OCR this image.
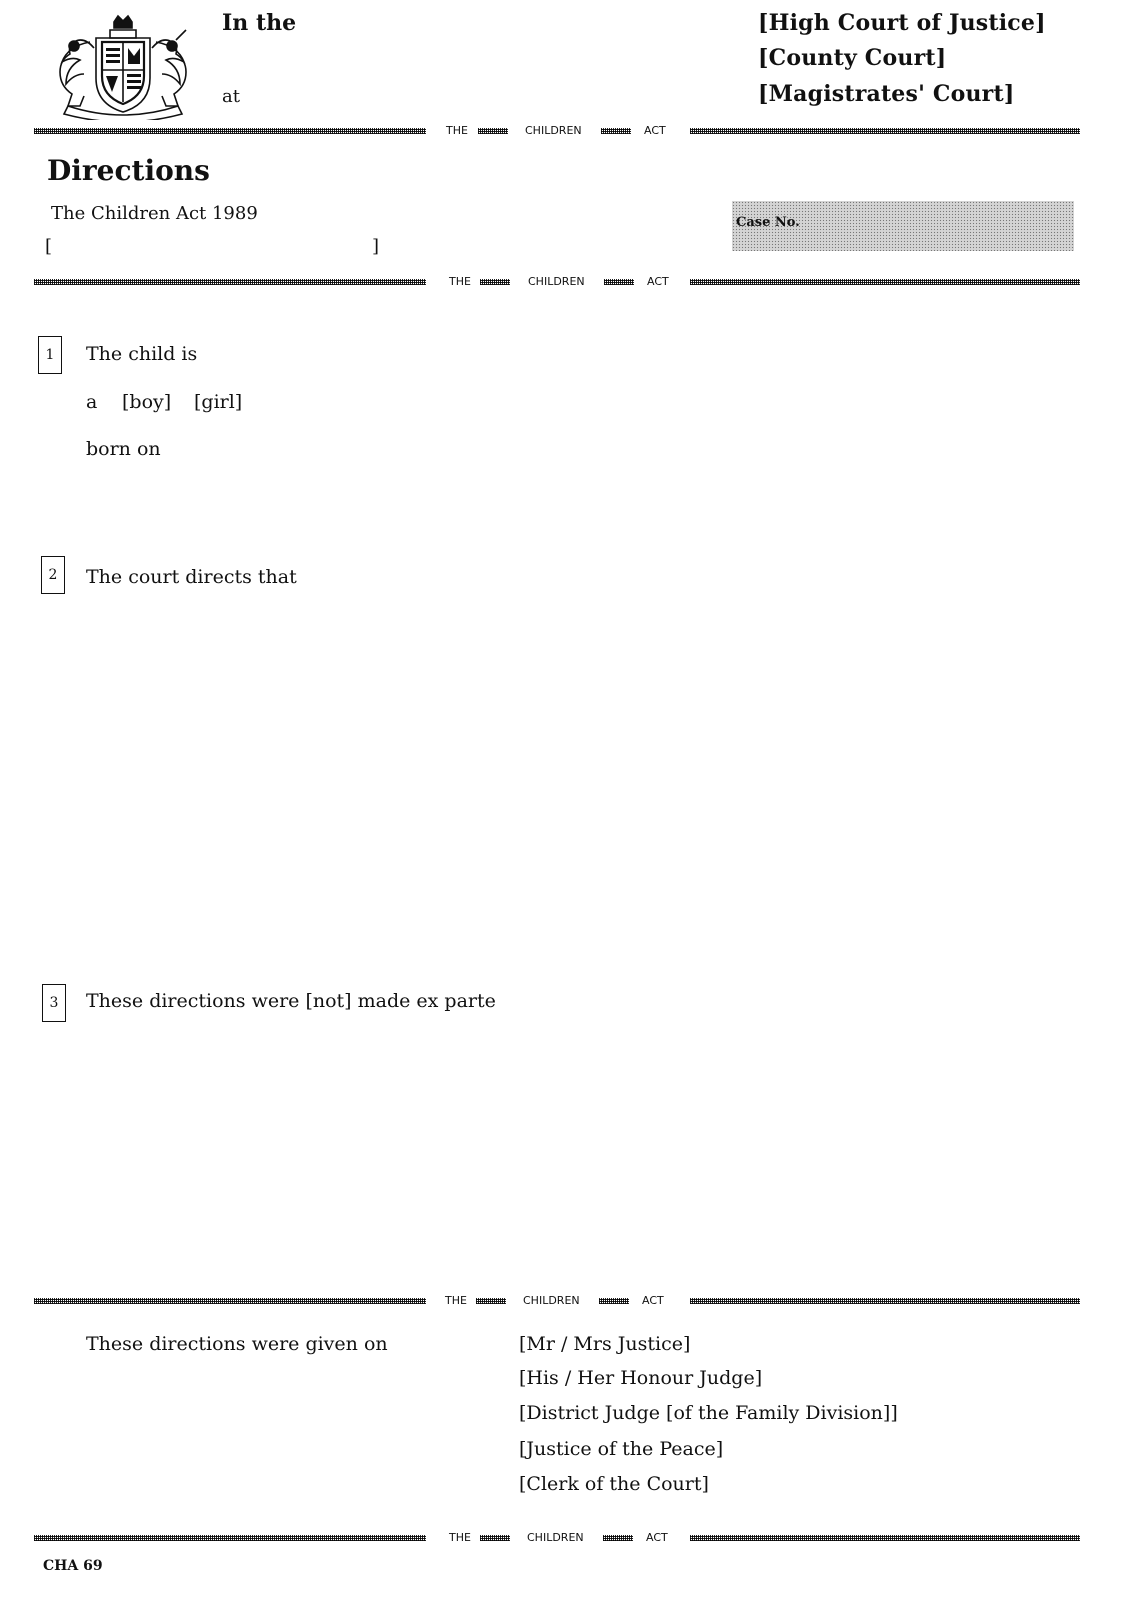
In the
at
[High Court of Justice]
[County Court]
[Magistrates' Court]
THE	CHILDREN	ACT
Directions
The Children Act 1989
[	]
Case No.
THE	CHILDREN	ACT
1	The child is
a [boy] [girl]
born on
2	The court directs that
3	These directions were [not] made ex parte
THE	CHILDREN	ACT
These directions were given on	[Mr / Mrs Justice]
[His / Her Honour Judge]
[District Judge [of the Family Division]]
[Justice of the Peace]
[Clerk of the Court]
THE	CHILDREN	ACT
CHA 69
